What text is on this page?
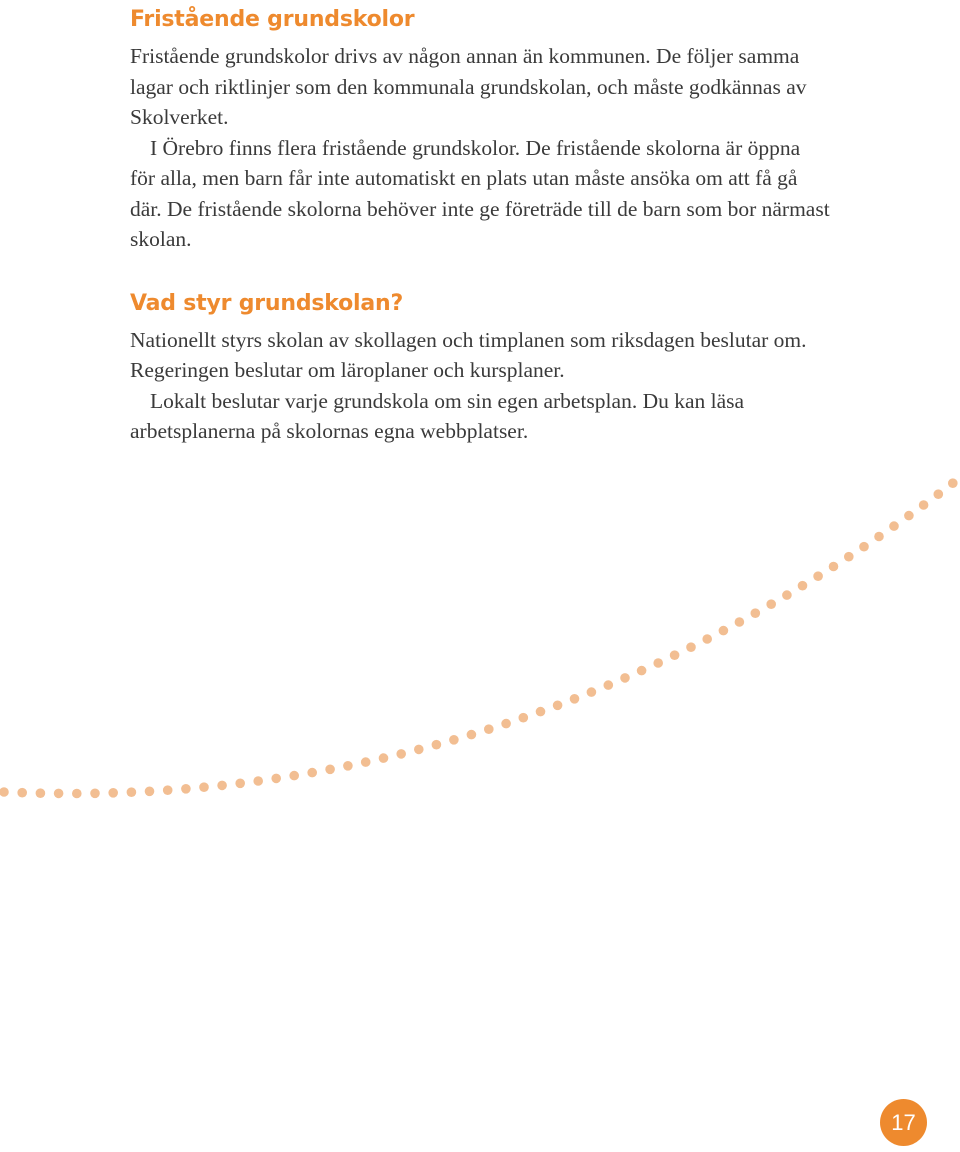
Fristående grundskolor

Fristående grundskolor drivs av någon annan än kommunen. De följer samma lagar och riktlinjer som den kommunala grundskolan, och måste godkännas av Skolverket.

I Örebro finns flera fristående grundskolor. De fristående skolorna är öppna för alla, men barn får inte automatiskt en plats utan måste ansöka om att få gå där. De fristående skolorna behöver inte ge företräde till de barn som bor närmast skolan.

Vad styr grundskolan?

Nationellt styrs skolan av skollagen och timplanen som riksdagen beslutar om. Regeringen beslutar om läroplaner och kursplaner.

Lokalt beslutar varje grundskola om sin egen arbetsplan. Du kan läsa arbetsplanerna på skolornas egna webbplatser.

17
